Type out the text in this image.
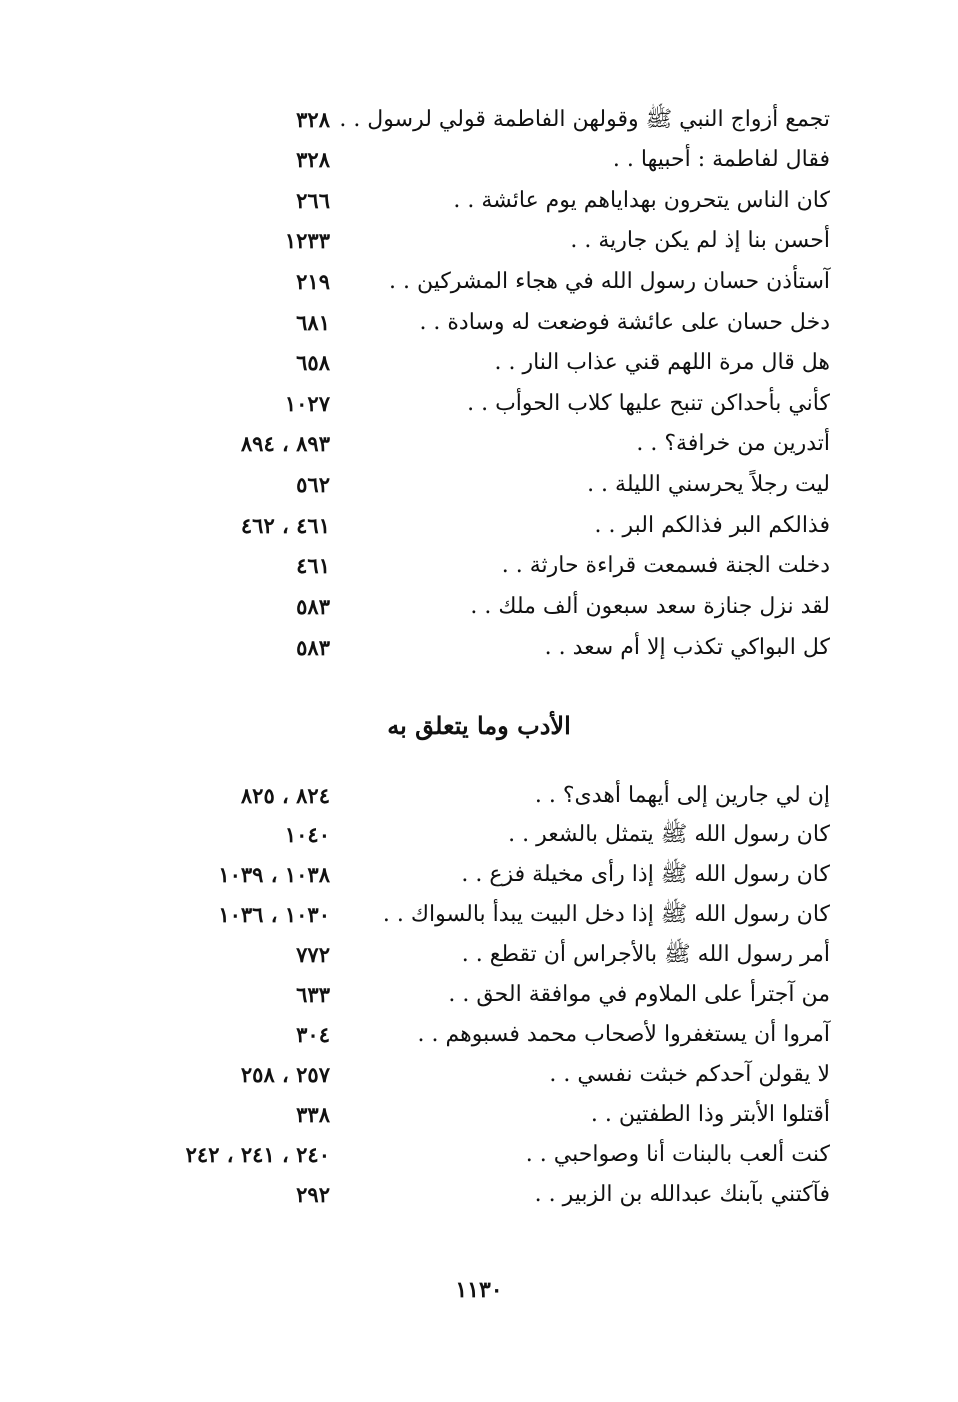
تجمع أزواج النبي ﷺ وقولهن الفاطمة قولي لرسول . .
٣٢٨
فقال لفاطمة : أحبيها . .
٣٢٨
كان الناس يتحرون بهداياهم يوم عائشة . .
٢٦٦
أحسن بنا إذ لم يكن جارية . .
١٢٣٣
آستأذن حسان رسول الله في هجاء المشركين . .
٢١٩
دخل حسان على عائشة فوضعت له وسادة . .
٦٨١
هل قال مرة اللهم قني عذاب النار . .
٦٥٨
كأني بأحداكن تنبح عليها كلاب الحوأب . .
١٠٢٧
أتدرين من خرافة؟ . .
٨٩٣ ، ٨٩٤
ليت رجلاً يحرسني الليلة . .
٥٦٢
فذالكم البر فذالكم البر . .
٤٦١ ، ٤٦٢
دخلت الجنة فسمعت قراءة حارثة . .
٤٦١
لقد نزل جنازة سعد سبعون ألف ملك . .
٥٨٣
كل البواكي تكذب إلا أم سعد . .
٥٨٣
الأدب وما يتعلق به
إن لي جارين إلى أيهما أهدى؟ . .
٨٢٤ ، ٨٢٥
كان رسول الله ﷺ يتمثل بالشعر . .
١٠٤٠
كان رسول الله ﷺ إذا رأى مخيلة فزع . .
١٠٣٨ ، ١٠٣٩
كان رسول الله ﷺ إذا دخل البيت يبدأ بالسواك . .
١٠٣٠ ، ١٠٣٦
أمر رسول الله ﷺ بالأجراس أن تقطع . .
٧٧٢
من آجترأ على الملاوم في موافقة الحق . .
٦٣٣
آمروا أن يستغفروا لأصحاب محمد فسبوهم . .
٣٠٤
لا يقولن آحدكم خبثت نفسي . .
٢٥٧ ، ٢٥٨
أقتلوا الأبتر وذا الطفتين . .
٣٣٨
كنت ألعب بالبنات أنا وصواحبي . .
٢٤٠ ، ٢٤١ ، ٢٤٢
فآكتني بآبنك عبدالله بن الزبير . .
٢٩٢
١١٣٠
